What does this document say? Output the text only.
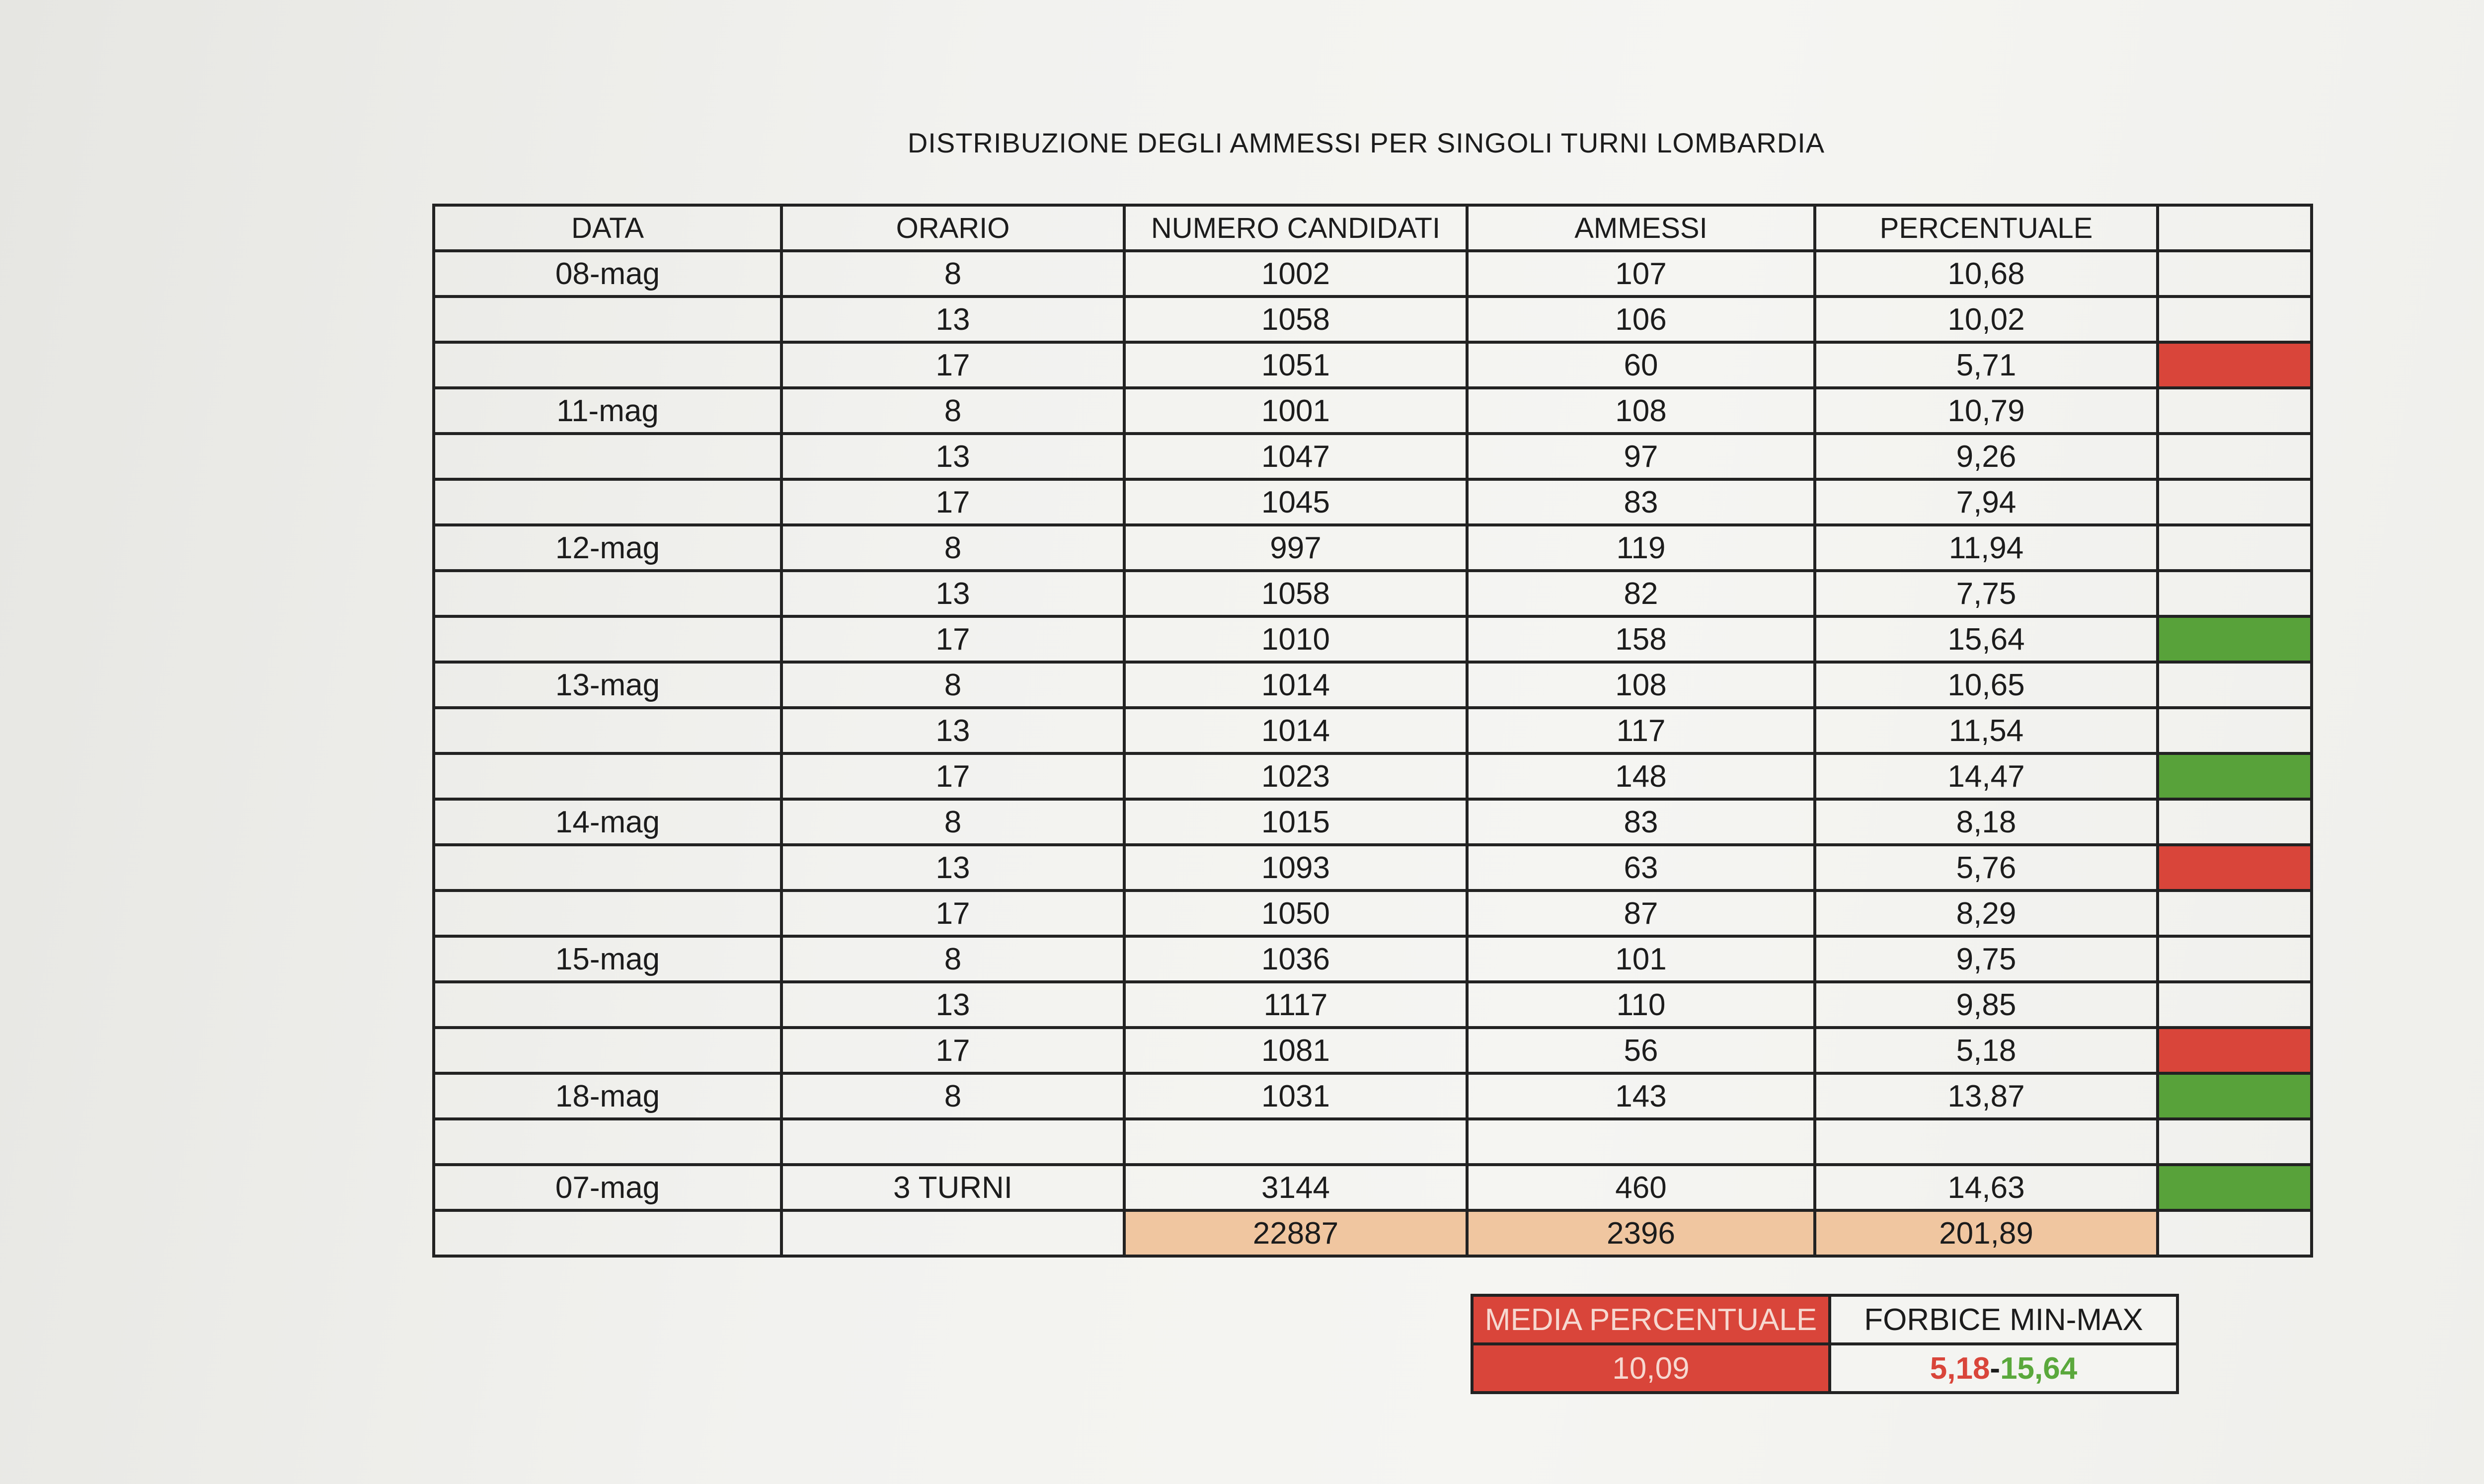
DISTRIBUZIONE DEGLI AMMESSI PER SINGOLI TURNI LOMBARDIA
DATA	ORARIO	NUMERO CANDIDATI	AMMESSI	PERCENTUALE	
08-mag	8	1002	107	10,68	
	13	1058	106	10,02	
	17	1051	60	5,71	
11-mag	8	1001	108	10,79	
	13	1047	97	9,26	
	17	1045	83	7,94	
12-mag	8	997	119	11,94	
	13	1058	82	7,75	
	17	1010	158	15,64	
13-mag	8	1014	108	10,65	
	13	1014	117	11,54	
	17	1023	148	14,47	
14-mag	8	1015	83	8,18	
	13	1093	63	5,76	
	17	1050	87	8,29	
15-mag	8	1036	101	9,75	
	13	1117	110	9,85	
	17	1081	56	5,18	
18-mag	8	1031	143	13,87	

07-mag	3 TURNI	3144	460	14,63	
		22887	2396	201,89	
MEDIA PERCENTUALE	FORBICE MIN-MAX
10,09	5,18-15,64
